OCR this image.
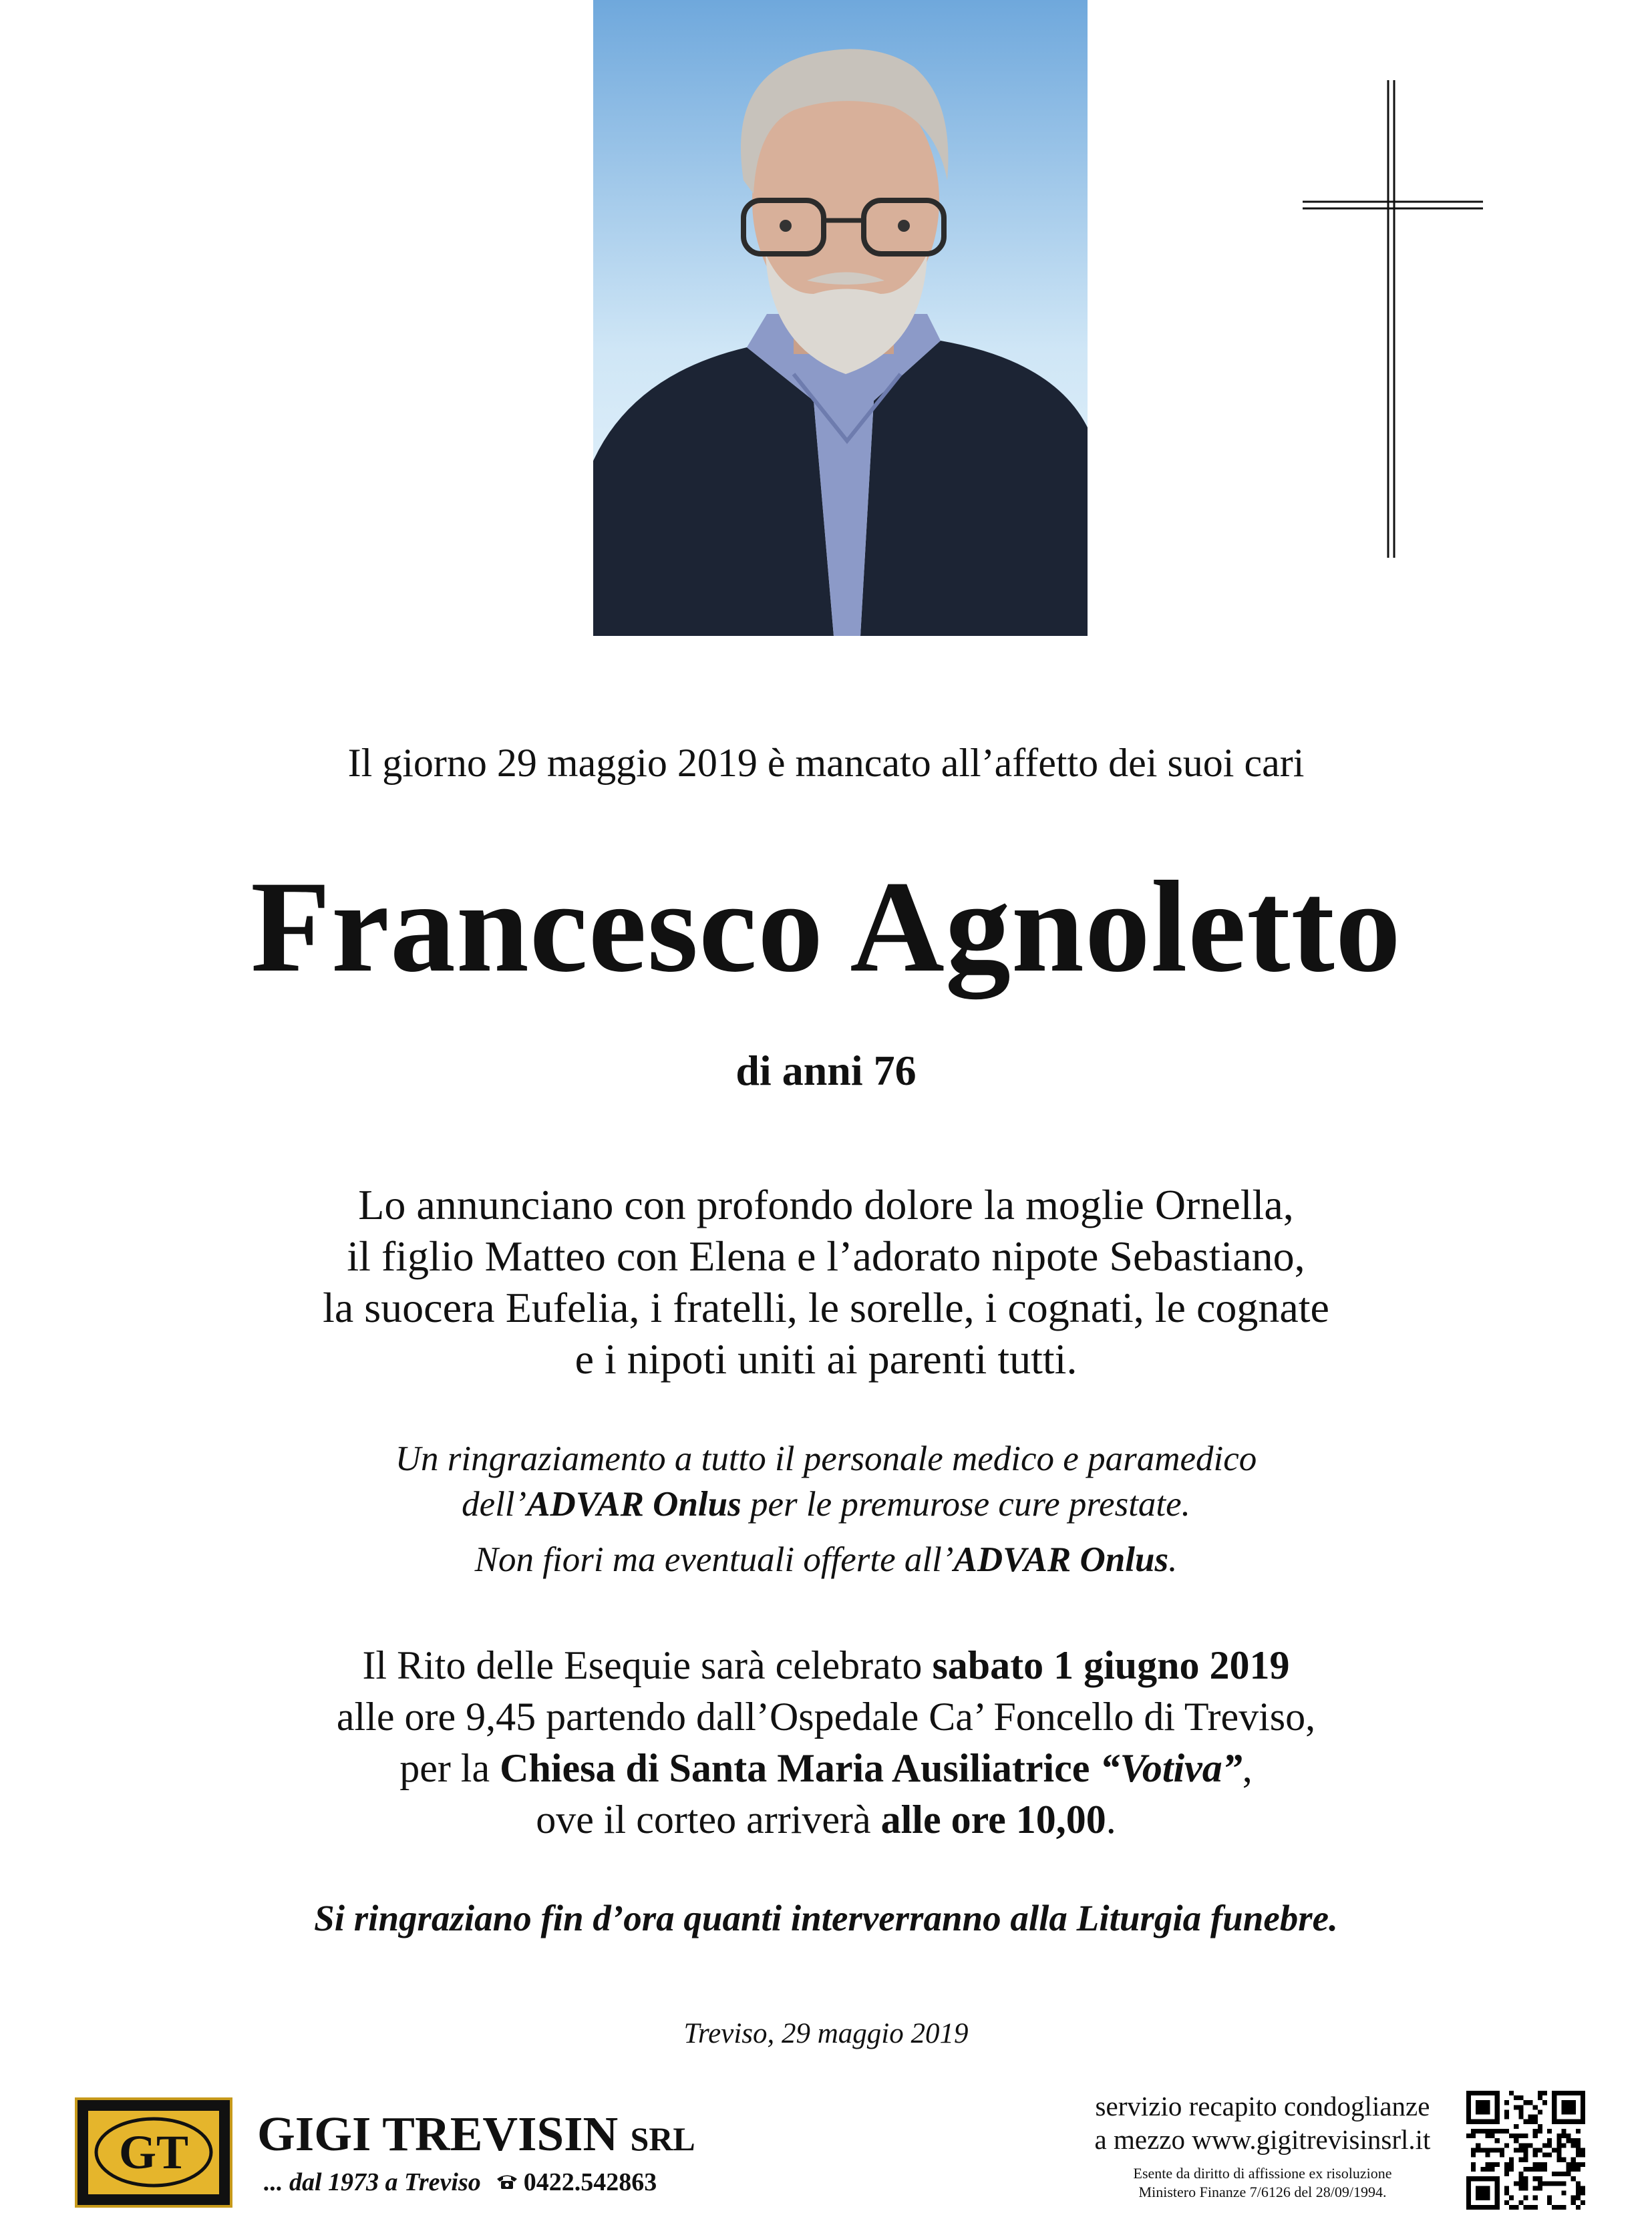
Il giorno 29 maggio 2019 è mancato all’affetto dei suoi cari
Francesco Agnoletto
di anni 76
Lo annunciano con profondo dolore la moglie Ornella,
il figlio Matteo con Elena e l’adorato nipote Sebastiano,
la suocera Eufelia, i fratelli, le sorelle, i cognati, le cognate
e i nipoti uniti ai parenti tutti.
Un ringraziamento a tutto il personale medico e paramedico
dell’ADVAR Onlus per le premurose cure prestate.
Non fiori ma eventuali offerte all’ADVAR Onlus.
Il Rito delle Esequie sarà celebrato sabato 1 giugno 2019
alle ore 9,45 partendo dall’Ospedale Ca’ Foncello di Treviso,
per la Chiesa di Santa Maria Ausiliatrice “Votiva”,
ove il corteo arriverà alle ore 10,00.
Si ringraziano fin d’ora quanti interverranno alla Liturgia funebre.
Treviso, 29 maggio 2019
GT GIGI TREVISIN SRL
... dal 1973 a Treviso 0422.542863
servizio recapito condoglianze
a mezzo www.gigitrevisinsrl.it
Esente da diritto di affissione ex risoluzione
Ministero Finanze 7/6126 del 28/09/1994.
